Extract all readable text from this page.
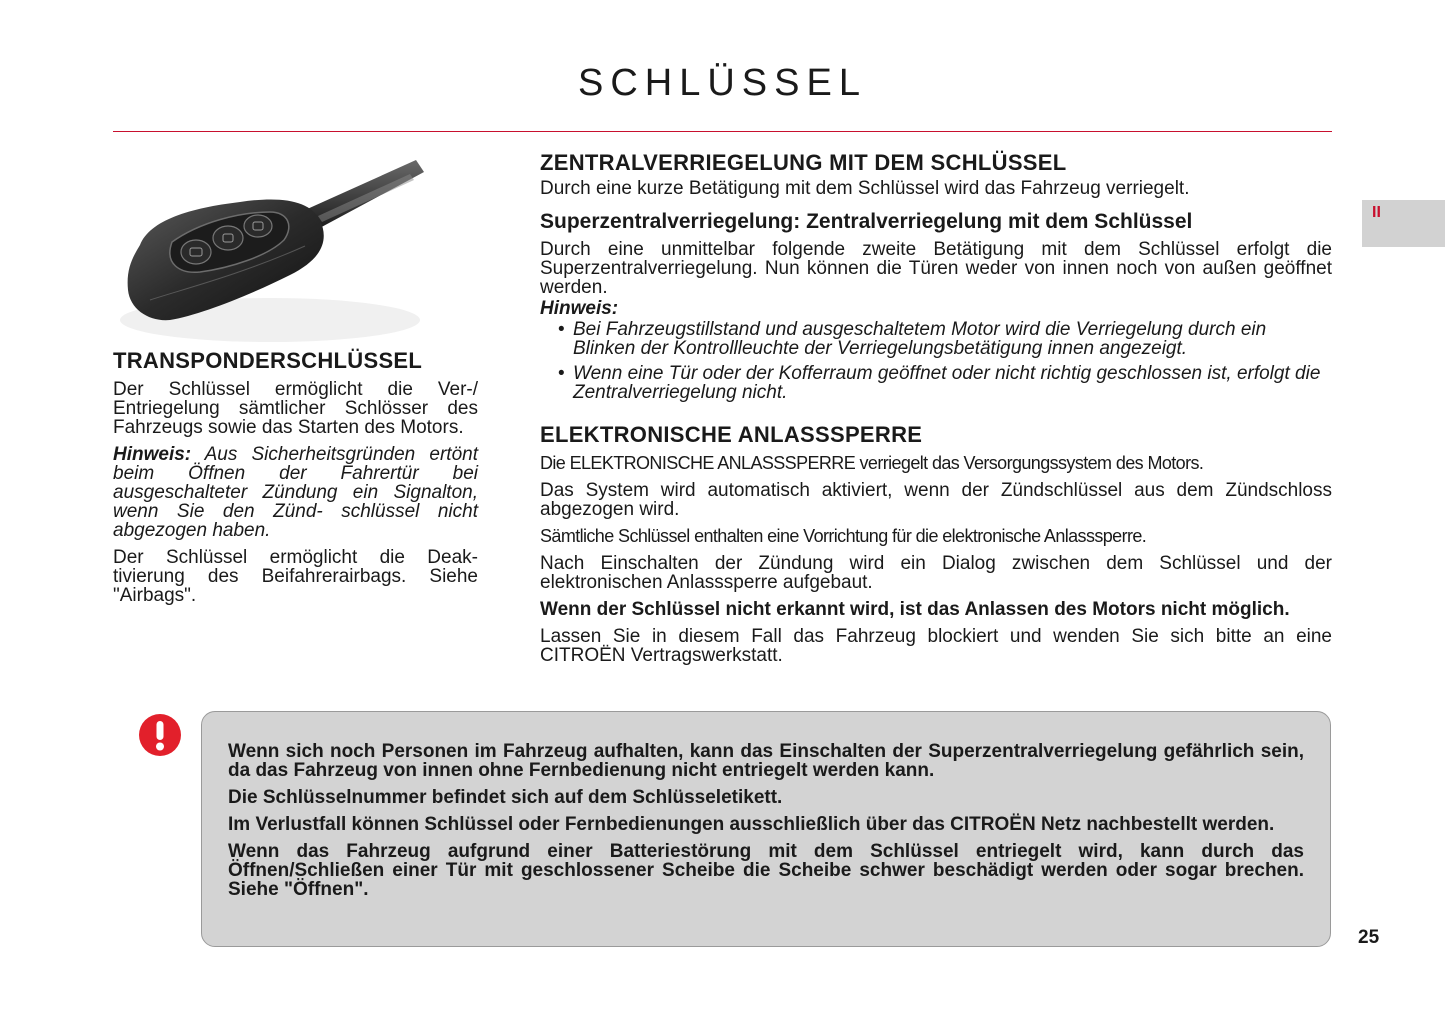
SCHLÜSSEL
II
TRANSPONDERSCHLÜSSEL

Der Schlüssel ermöglicht die Ver-/ Entriegelung sämtlicher Schlösser des Fahrzeugs sowie das Starten des Motors.

Hinweis: Aus Sicherheitsgründen ertönt beim Öffnen der Fahrertür bei ausgeschalteter Zündung ein Signalton, wenn Sie den Zünd- schlüssel nicht abgezogen haben.

Der Schlüssel ermöglicht die Deak- tivierung des Beifahrerairbags. Siehe "Airbags".

ZENTRALVERRIEGELUNG MIT DEM SCHLÜSSEL

Durch eine kurze Betätigung mit dem Schlüssel wird das Fahrzeug verriegelt.

Superzentralverriegelung: Zentralverriegelung mit dem Schlüssel

Durch eine unmittelbar folgende zweite Betätigung mit dem Schlüssel erfolgt die Superzentralverriegelung. Nun können die Türen weder von innen noch von außen geöffnet werden.

Hinweis:
• Bei Fahrzeugstillstand und ausgeschaltetem Motor wird die Verriegelung durch ein Blinken der Kontrollleuchte der Verriegelungsbetätigung innen angezeigt.
• Wenn eine Tür oder der Kofferraum geöffnet oder nicht richtig geschlossen ist, erfolgt die Zentralverriegelung nicht.
ELEKTRONISCHE ANLASSSPERRE

Die ELEKTRONISCHE ANLASSSPERRE verriegelt das Versorgungssystem des Motors.

Das System wird automatisch aktiviert, wenn der Zündschlüssel aus dem Zündschloss abgezogen wird.

Sämtliche Schlüssel enthalten eine Vorrichtung für die elektronische Anlasssperre.

Nach Einschalten der Zündung wird ein Dialog zwischen dem Schlüssel und der elektronischen Anlasssperre aufgebaut.

Wenn der Schlüssel nicht erkannt wird, ist das Anlassen des Motors nicht möglich.

Lassen Sie in diesem Fall das Fahrzeug blockiert und wenden Sie sich bitte an eine CITROËN Vertragswerkstatt.

Wenn sich noch Personen im Fahrzeug aufhalten, kann das Einschalten der Superzentralverriegelung gefährlich sein, da das Fahrzeug von innen ohne Fernbedienung nicht entriegelt werden kann.

Die Schlüsselnummer befindet sich auf dem Schlüsseletikett.

Im Verlustfall können Schlüssel oder Fernbedienungen ausschließlich über das CITROËN Netz nachbestellt werden.

Wenn das Fahrzeug aufgrund einer Batteriestörung mit dem Schlüssel entriegelt wird, kann durch das Öffnen/Schließen einer Tür mit geschlossener Scheibe die Scheibe schwer beschädigt werden oder sogar brechen. Siehe "Öffnen".

25
